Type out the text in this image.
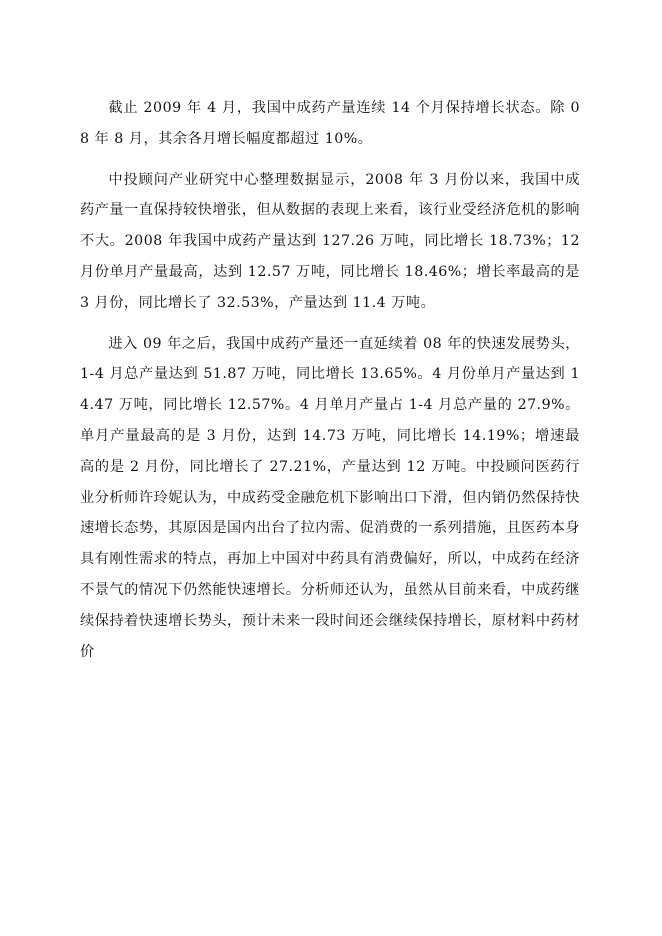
截止 2009 年 4 月，我国中成药产量连续 14 个月保持增长状态。除 08 年 8 月，其余各月增长幅度都超过 10%。

中投顾问产业研究中心整理数据显示，2008 年 3 月份以来，我国中成药产量一直保持较快增张，但从数据的表现上来看，该行业受经济危机的影响不大。2008 年我国中成药产量达到 127.26 万吨，同比增长 18.73%；12 月份单月产量最高，达到 12.57 万吨，同比增长 18.46%；增长率最高的是 3 月份，同比增长了 32.53%，产量达到 11.4 万吨。

进入 09 年之后，我国中成药产量还一直延续着 08 年的快速发展势头，1-4 月总产量达到 51.87 万吨，同比增长 13.65%。4 月份单月产量达到 14.47 万吨，同比增长 12.57%。4 月单月产量占 1-4 月总产量的 27.9%。单月产量最高的是 3 月份，达到 14.73 万吨，同比增长 14.19%；增速最高的是 2 月份，同比增长了 27.21%，产量达到 12 万吨。中投顾问医药行业分析师许玲妮认为，中成药受金融危机下影响出口下滑，但内销仍然保持快速增长态势，其原因是国内出台了拉内需、促消费的一系列措施，且医药本身具有刚性需求的特点，再加上中国对中药具有消费偏好，所以，中成药在经济不景气的情况下仍然能快速增长。分析师还认为，虽然从目前来看，中成药继续保持着快速增长势头，预计未来一段时间还会继续保持增长，原材料中药材价
